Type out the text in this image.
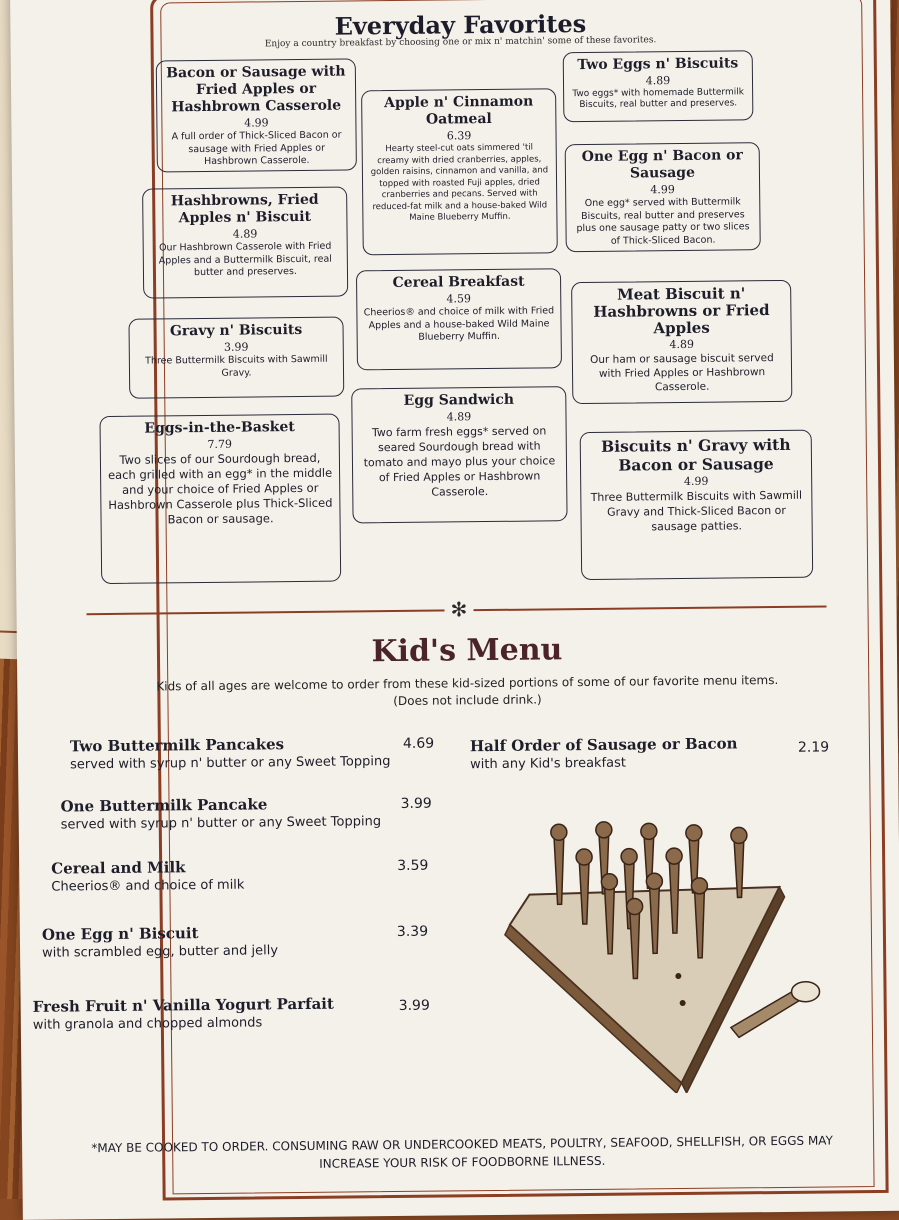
Everyday Favorites
Enjoy a country breakfast by choosing one or mix n' matchin' some of these favorites.
Bacon or Sausage with Fried Apples or Hashbrown Casserole
4.99
A full order of Thick-Sliced Bacon or sausage with Fried Apples or Hashbrown Casserole.
Hashbrowns, Fried Apples n' Biscuit
4.89
Our Hashbrown Casserole with Fried Apples and a Buttermilk Biscuit, real butter and preserves.
Gravy n' Biscuits
3.99
Three Buttermilk Biscuits with Sawmill Gravy.
Eggs-in-the-Basket
7.79
Two slices of our Sourdough bread, each grilled with an egg* in the middle and your choice of Fried Apples or Hashbrown Casserole plus Thick-Sliced Bacon or sausage.
Apple n' Cinnamon Oatmeal
6.39
Hearty steel-cut oats simmered 'til creamy with dried cranberries, apples, golden raisins, cinnamon and vanilla, and topped with roasted Fuji apples, dried cranberries and pecans. Served with reduced-fat milk and a house-baked Wild Maine Blueberry Muffin.
Cereal Breakfast
4.59
Cheerios® and choice of milk with Fried Apples and a house-baked Wild Maine Blueberry Muffin.
Egg Sandwich
4.89
Two farm fresh eggs* served on seared Sourdough bread with tomato and mayo plus your choice of Fried Apples or Hashbrown Casserole.
Two Eggs n' Biscuits
4.89
Two eggs* with homemade Buttermilk Biscuits, real butter and preserves.
One Egg n' Bacon or Sausage
4.99
One egg* served with Buttermilk Biscuits, real butter and preserves plus one sausage patty or two slices of Thick-Sliced Bacon.
Meat Biscuit n' Hashbrowns or Fried Apples
4.89
Our ham or sausage biscuit served with Fried Apples or Hashbrown Casserole.
Biscuits n' Gravy with Bacon or Sausage
4.99
Three Buttermilk Biscuits with Sawmill Gravy and Thick-Sliced Bacon or sausage patties.
✻
Kid's Menu
Kids of all ages are welcome to order from these kid-sized portions of some of our favorite menu items.
(Does not include drink.)
Two Buttermilk Pancakes
served with syrup n' butter or any Sweet Topping
4.69
One Buttermilk Pancake
served with syrup n' butter or any Sweet Topping
3.99
Cereal and Milk
Cheerios® and choice of milk
3.59
One Egg n' Biscuit
with scrambled egg, butter and jelly
3.39
Fresh Fruit n' Vanilla Yogurt Parfait
with granola and chopped almonds
3.99
Half Order of Sausage or Bacon
with any Kid's breakfast
2.19
*MAY BE COOKED TO ORDER. CONSUMING RAW OR UNDERCOOKED MEATS, POULTRY, SEAFOOD, SHELLFISH, OR EGGS MAY
INCREASE YOUR RISK OF FOODBORNE ILLNESS.
